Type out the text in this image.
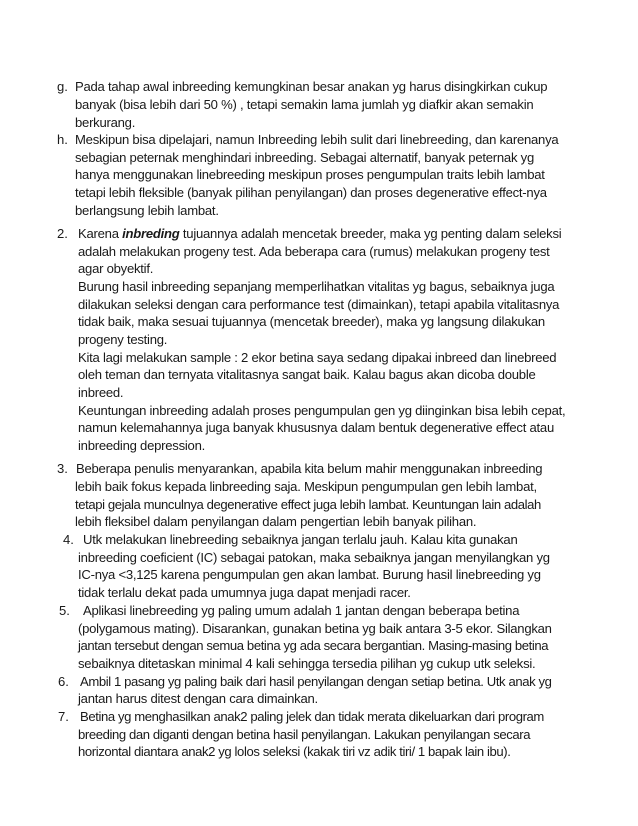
g. Pada tahap awal inbreeding kemungkinan besar anakan yg harus disingkirkan cukup
banyak (bisa lebih dari 50 %) , tetapi semakin lama jumlah yg diafkir akan semakin
berkurang.
h. Meskipun bisa dipelajari, namun Inbreeding lebih sulit dari linebreeding, dan karenanya
sebagian peternak menghindari inbreeding. Sebagai alternatif, banyak peternak yg
hanya menggunakan linebreeding meskipun proses pengumpulan traits lebih lambat
tetapi lebih fleksible (banyak pilihan penyilangan) dan proses degenerative effect-nya
berlangsung lebih lambat.
2. Karena inbreding tujuannya adalah mencetak breeder, maka yg penting dalam seleksi
adalah melakukan progeny test. Ada beberapa cara (rumus) melakukan progeny test
agar obyektif.
Burung hasil inbreeding sepanjang memperlihatkan vitalitas yg bagus, sebaiknya juga
dilakukan seleksi dengan cara performance test (dimainkan), tetapi apabila vitalitasnya
tidak baik, maka sesuai tujuannya (mencetak breeder), maka yg langsung dilakukan
progeny testing.
Kita lagi melakukan sample : 2 ekor betina saya sedang dipakai inbreed dan linebreed
oleh teman dan ternyata vitalitasnya sangat baik. Kalau bagus akan dicoba double
inbreed.
Keuntungan inbreeding adalah proses pengumpulan gen yg diinginkan bisa lebih cepat,
namun kelemahannya juga banyak khususnya dalam bentuk degenerative effect atau
inbreeding depression.
3. Beberapa penulis menyarankan, apabila kita belum mahir menggunakan inbreeding
lebih baik fokus kepada linbreeding saja. Meskipun pengumpulan gen lebih lambat,
tetapi gejala munculnya degenerative effect juga lebih lambat. Keuntungan lain adalah
lebih fleksibel dalam penyilangan dalam pengertian lebih banyak pilihan.
4. Utk melakukan linebreeding sebaiknya jangan terlalu jauh. Kalau kita gunakan
inbreeding coeficient (IC) sebagai patokan, maka sebaiknya jangan menyilangkan yg
IC-nya <3,125 karena pengumpulan gen akan lambat. Burung hasil linebreeding yg
tidak terlalu dekat pada umumnya juga dapat menjadi racer.
5. Aplikasi linebreeding yg paling umum adalah 1 jantan dengan beberapa betina
(polygamous mating). Disarankan, gunakan betina yg baik antara 3-5 ekor. Silangkan
jantan tersebut dengan semua betina yg ada secara bergantian. Masing-masing betina
sebaiknya ditetaskan minimal 4 kali sehingga tersedia pilihan yg cukup utk seleksi.
6. Ambil 1 pasang yg paling baik dari hasil penyilangan dengan setiap betina. Utk anak yg
jantan harus ditest dengan cara dimainkan.
7. Betina yg menghasilkan anak2 paling jelek dan tidak merata dikeluarkan dari program
breeding dan diganti dengan betina hasil penyilangan. Lakukan penyilangan secara
horizontal diantara anak2 yg lolos seleksi (kakak tiri vz adik tiri/ 1 bapak lain ibu).
